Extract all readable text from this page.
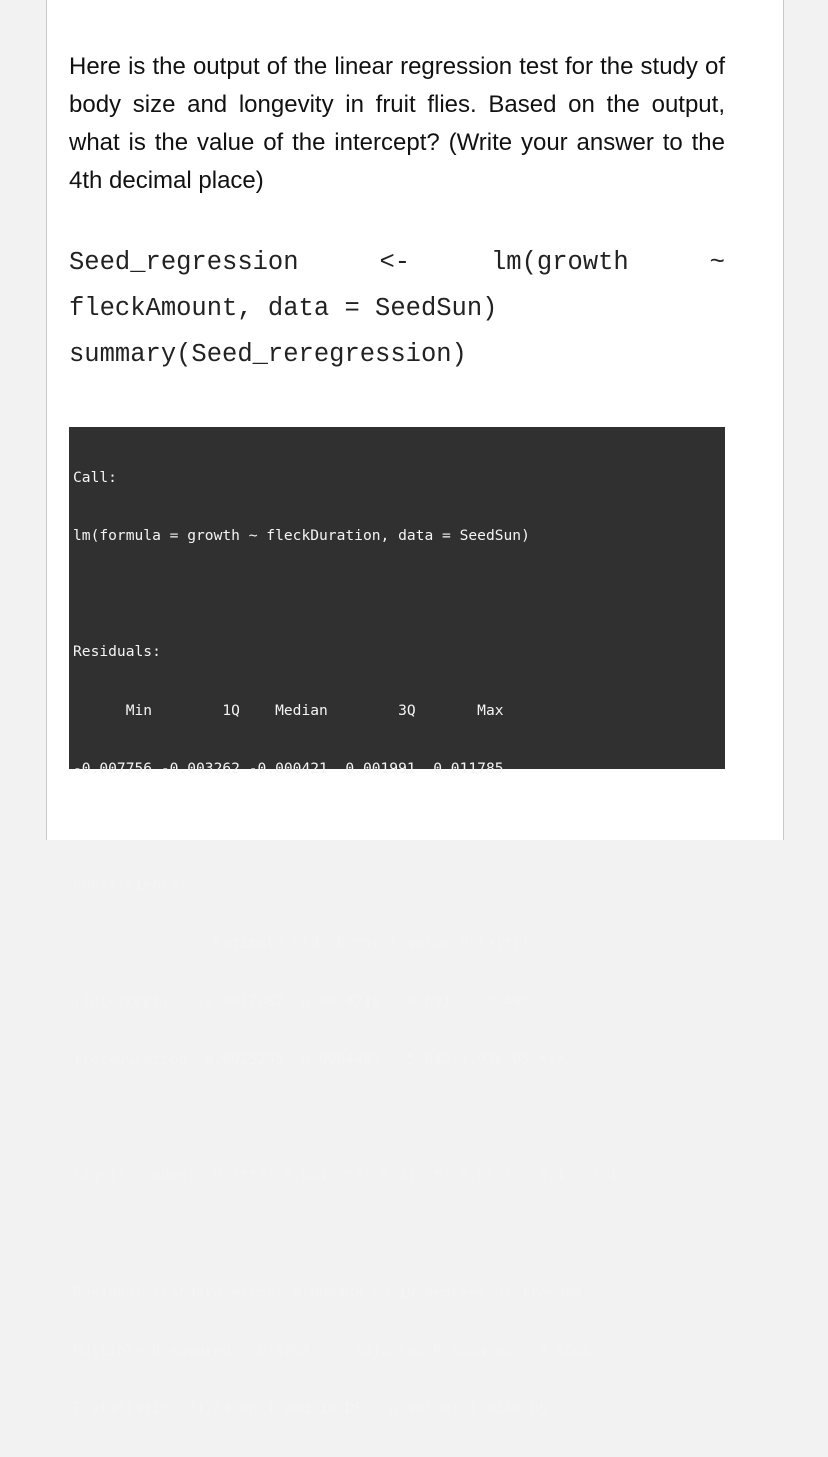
Here is the output of the linear regression test for the study of body size and longevity in fruit flies. Based on the output, what is the value of the intercept? (Write your answer to the 4th decimal place)

Seed_regression	<-	lm(growth	~
fleckAmount, data = SeedSun)
summary(Seed_reregression)

Call:

lm(formula = growth ~ fleckDuration, data = SeedSun)

Residuals:

Min        1Q    Median        3Q       Max

-0.007756 -0.003262 -0.000421  0.001991  0.011785

Coefficients:

Estimate Std. Error t value Pr(>|t|)

(Intercept)   -0.0017087  0.0024716  -0.691    0.498

fleckDuration  0.0025295  0.0004483   5.642 1.93e-05 ***

---

Signif. codes:  0 ‘***’ 0.001 ‘**’ 0.01 ‘*’ 0.05 ‘.’ 0.1 ‘ ’ 1

Residual standard error: 0.004488 on 19 degrees of freedom

Multiple R-squared:  0.6262,    Adjusted R-squared:  0.6066

F-statistic: 31.84 on 1 and 19 DF,  p-value: 1.934e-05
